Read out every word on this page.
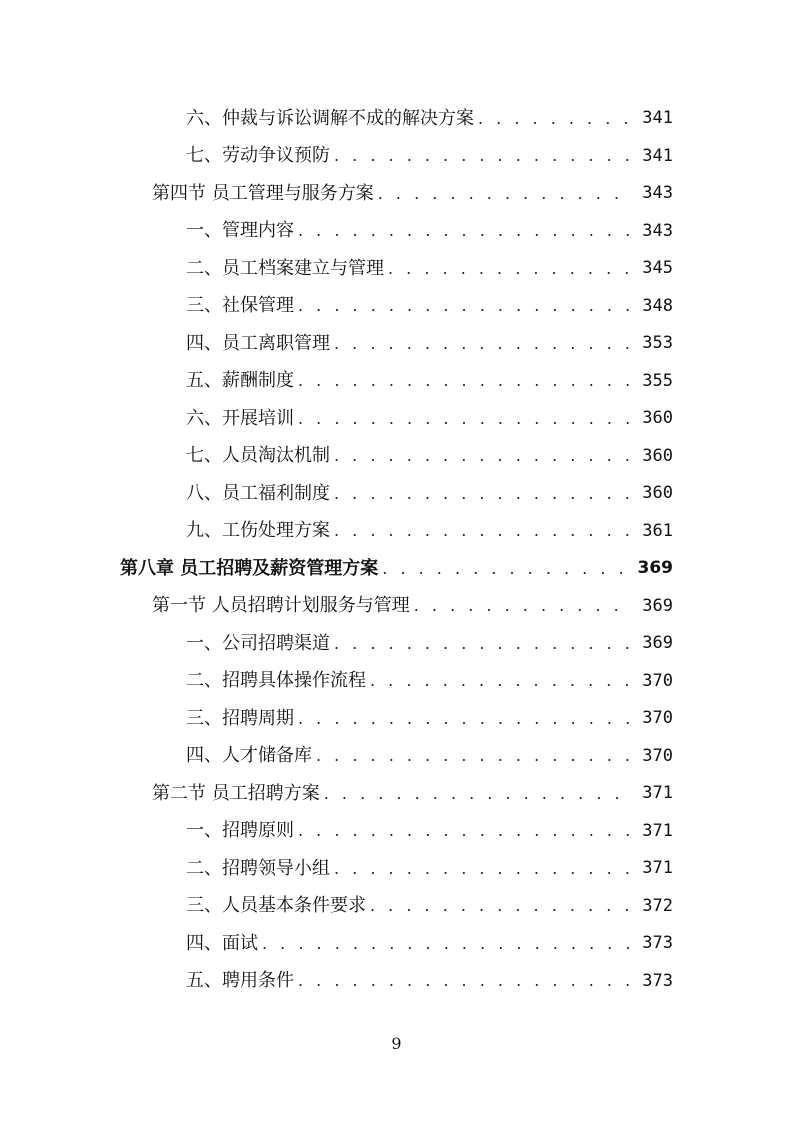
六、仲裁与诉讼调解不成的解决方案 . . .	341
七、劳动争议预防 . . .	341
第四节 员工管理与服务方案 . . .	343
一、管理内容 . . .	343
二、员工档案建立与管理 . . .	345
三、社保管理 . . .	348
四、员工离职管理 . . .	353
五、薪酬制度 . . .	355
六、开展培训 . . .	360
七、人员淘汰机制 . . .	360
八、员工福利制度 . . .	360
九、工伤处理方案 . . .	361
第八章 员工招聘及薪资管理方案 . . .	369
第一节 人员招聘计划服务与管理 . . .	369
一、公司招聘渠道 . . .	369
二、招聘具体操作流程 . . .	370
三、招聘周期 . . .	370
四、人才储备库 . . .	370
第二节 员工招聘方案 . . .	371
一、招聘原则 . . .	371
二、招聘领导小组 . . .	371
三、人员基本条件要求 . . .	372
四、面试 . . .	373
五、聘用条件 . . .	373
9
